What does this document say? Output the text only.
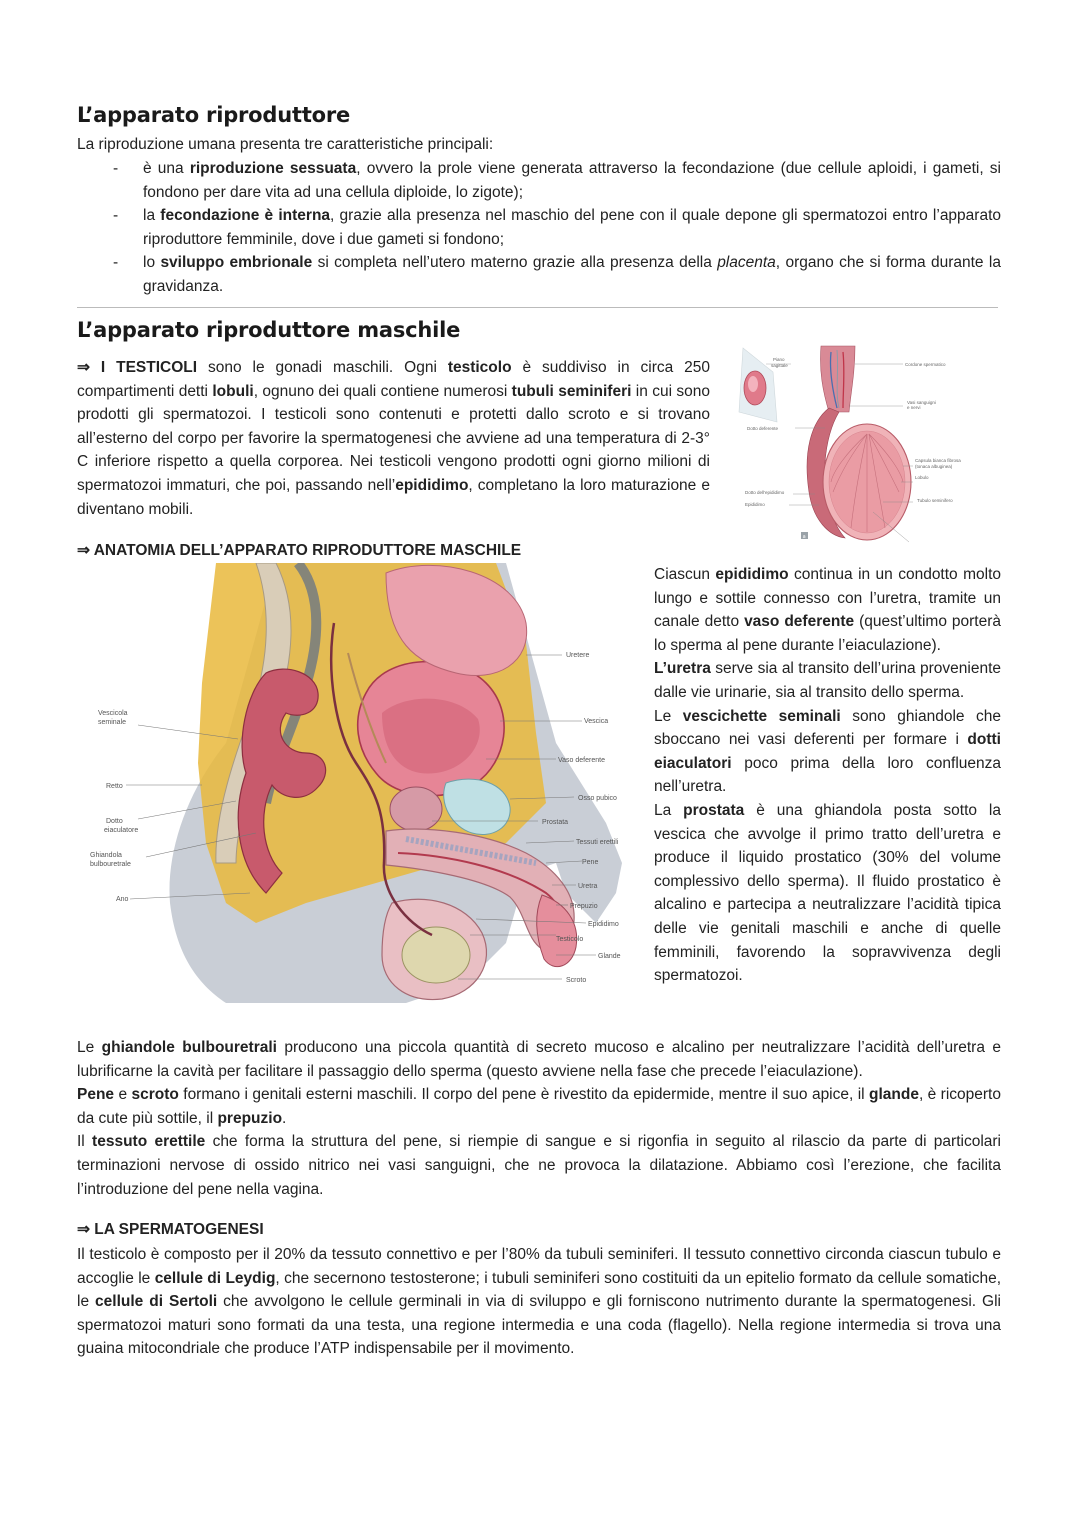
L’apparato riproduttore

La riproduzione umana presenta tre caratteristiche principali:

- è una riproduzione sessuata, ovvero la prole viene generata attraverso la fecondazione (due cellule aploidi, i gameti, si fondono per dare vita ad una cellula diploide, lo zigote);
- la fecondazione è interna, grazie alla presenza nel maschio del pene con il quale depone gli spermatozoi entro l’apparato riproduttore femminile, dove i due gameti si fondono;
- lo sviluppo embrionale si completa nell’utero materno grazie alla presenza della placenta, organo che si forma durante la gravidanza.
L’apparato riproduttore maschile

⇒ I TESTICOLI sono le gonadi maschili. Ogni testicolo è suddiviso in circa 250 compartimenti detti lobuli, ognuno dei quali contiene numerosi tubuli seminiferi in cui sono prodotti gli spermatozoi. I testicoli sono contenuti e protetti dallo scroto e si trovano all’esterno del corpo per favorire la spermatogenesi che avviene ad una temperatura di 2-3° C inferiore rispetto a quella corporea. Nei testicoli vengono prodotti ogni giorno milioni di spermatozoi immaturi, che poi, passando nell’epididimo, completano la loro maturazione e diventano mobili.

Piano
sagittale	Cordone spermatico
Vasi sanguigni
e nervi
Dotto deferente
Capsula bianca fibrosa
(tonaca albuginea)
Lobulo
Dotto dell’epididimo
Epididimo
Tubulo seminifero
a

⇒ ANATOMIA DELL’APPARATO RIPRODUTTORE MASCHILE

Vescicola
seminale
Retto
Dotto
eiaculatore
Ghiandola
bulbouretrale
Ano
Uretere
Vescica
Vaso deferente
Osso pubico
Prostata
Tessuti erettili
Pene
Uretra
Prepuzio
Epididimo
Testicolo
Glande
Scroto

Ciascun epididimo continua in un condotto molto lungo e sottile connesso con l’uretra, tramite un canale detto vaso deferente (quest’ultimo porterà lo sperma al pene durante l’eiaculazione).
L’uretra serve sia al transito dell’urina proveniente dalle vie urinarie, sia al transito dello sperma.
Le vescichette seminali sono ghiandole che sboccano nei vasi deferenti per formare i dotti eiaculatori poco prima della loro confluenza nell’uretra.
La prostata è una ghiandola posta sotto la vescica che avvolge il primo tratto dell’uretra e produce il liquido prostatico (30% del volume complessivo dello sperma). Il fluido prostatico è alcalino e partecipa a neutralizzare l’acidità tipica delle vie genitali maschili e anche di quelle femminili, favorendo la sopravvivenza degli spermatozoi.

Le ghiandole bulbouretrali producono una piccola quantità di secreto mucoso e alcalino per neutralizzare l’acidità dell’uretra e lubrificarne la cavità per facilitare il passaggio dello sperma (questo avviene nella fase che precede l’eiaculazione).
Pene e scroto formano i genitali esterni maschili. Il corpo del pene è rivestito da epidermide, mentre il suo apice, il glande, è ricoperto da cute più sottile, il prepuzio.
Il tessuto erettile che forma la struttura del pene, si riempie di sangue e si rigonfia in seguito al rilascio da parte di particolari terminazioni nervose di ossido nitrico nei vasi sanguigni, che ne provoca la dilatazione. Abbiamo così l’erezione, che facilita l’introduzione del pene nella vagina.

⇒ LA SPERMATOGENESI

Il testicolo è composto per il 20% da tessuto connettivo e per l’80% da tubuli seminiferi. Il tessuto connettivo circonda ciascun tubulo e accoglie le cellule di Leydig, che secernono testosterone; i tubuli seminiferi sono costituiti da un epitelio formato da cellule somatiche, le cellule di Sertoli che avvolgono le cellule germinali in via di sviluppo e gli forniscono nutrimento durante la spermatogenesi. Gli spermatozoi maturi sono formati da una testa, una regione intermedia e una coda (flagello). Nella regione intermedia si trova una guaina mitocondriale che produce l’ATP indispensabile per il movimento.
